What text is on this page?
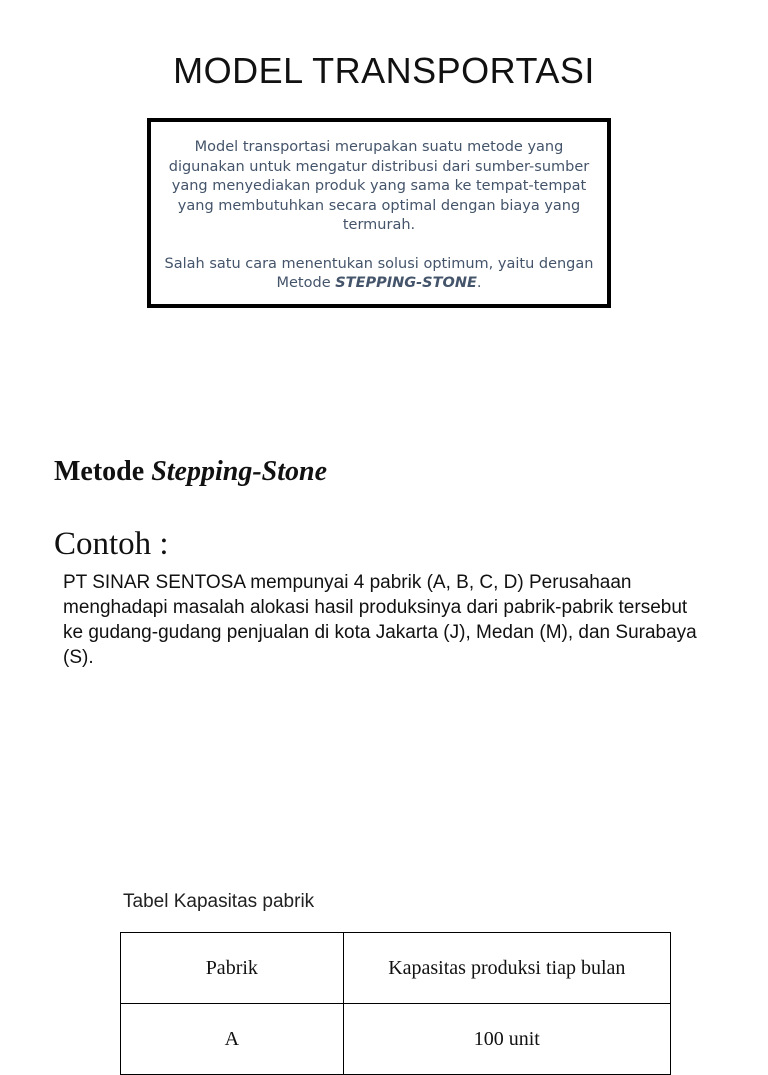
MODEL TRANSPORTASI

Model transportasi merupakan suatu metode yang digunakan untuk mengatur distribusi dari sumber-sumber yang menyediakan produk yang sama ke tempat-tempat yang membutuhkan secara optimal dengan biaya yang termurah.

Salah satu cara menentukan solusi optimum, yaitu dengan Metode STEPPING-STONE.

Metode Stepping-Stone
Contoh :
PT SINAR SENTOSA mempunyai 4 pabrik (A, B, C, D) Perusahaan menghadapi masalah alokasi hasil produksinya dari pabrik-pabrik tersebut ke gudang-gudang penjualan di kota Jakarta (J), Medan (M), dan Surabaya (S).
Tabel Kapasitas pabrik
Pabrik	Kapasitas produksi tiap bulan
A	100 unit
